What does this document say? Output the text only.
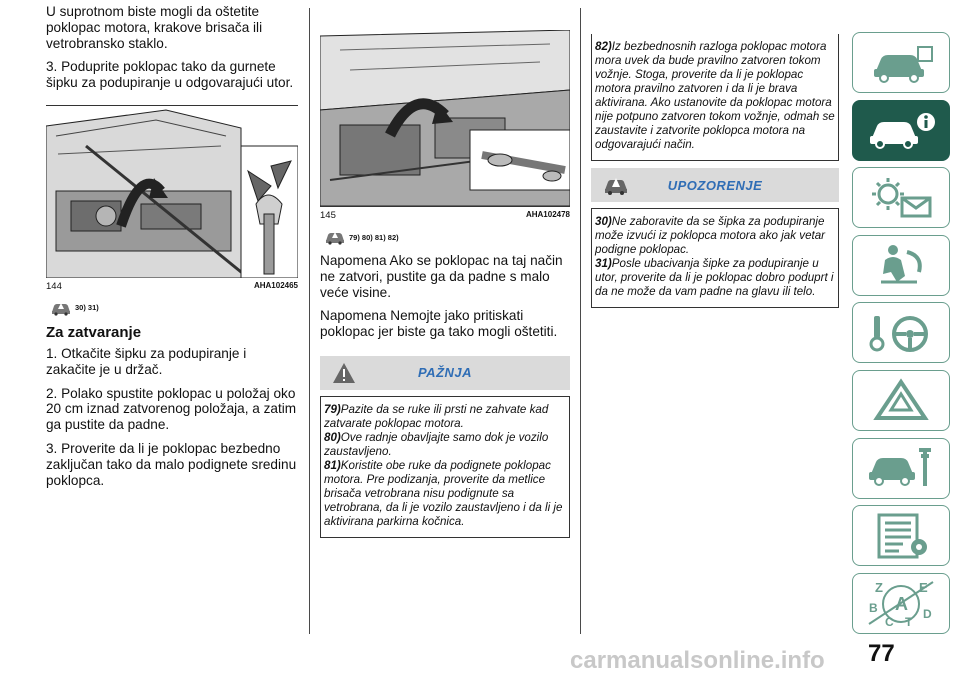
U suprotnom biste mogli da oštetite poklopac motora, krakove brisača ili vetrobransko staklo.

3. Poduprite poklopac tako da gurnete šipku za podupiranje u odgovarajući utor.

144	AHA102465
30) 31)
Za zatvaranje

1. Otkačite šipku za podupiranje i zakačite je u držač.

2. Polako spustite poklopac u položaj oko 20 cm iznad zatvorenog položaja, a zatim ga pustite da padne.

3. Proverite da li je poklopac bezbedno zaključan tako da malo podignete sredinu poklopca.

145	AHA102478
79) 80) 81) 82)

Napomena Ako se poklopac na taj način ne zatvori, pustite ga da padne s malo veće visine.

Napomena Nemojte jako pritiskati poklopac jer biste ga tako mogli oštetiti.

PAŽNJA

79)Pazite da se ruke ili prsti ne zahvate kad zatvarate poklopac motora.

80)Ove radnje obavljajte samo dok je vozilo zaustavljeno.

81)Koristite obe ruke da podignete poklopac motora. Pre podizanja, proverite da metlice brisača vetrobrana nisu podignute sa vetrobrana, da li je vozilo zaustavljeno i da li je aktivirana parkirna kočnica.

82)Iz bezbednosnih razloga poklopac motora mora uvek da bude pravilno zatvoren tokom vožnje. Stoga, proverite da li je poklopac motora pravilno zatvoren i da li je brava aktivirana. Ako ustanovite da poklopac motora nije potpuno zatvoren tokom vožnje, odmah se zaustavite i zatvorite poklopca motora na odgovarajući način.

UPOZORENJE

30)Ne zaboravite da se šipka za podupiranje može izvući iz poklopca motora ako jak vetar podigne poklopac.

31)Posle ubacivanja šipke za podupiranje u utor, proverite da li je poklopac dobro poduprt i da ne može da vam padne na glavu ili telo.

Z	E
A
B
C T
D
carmanualsonline.info 77
